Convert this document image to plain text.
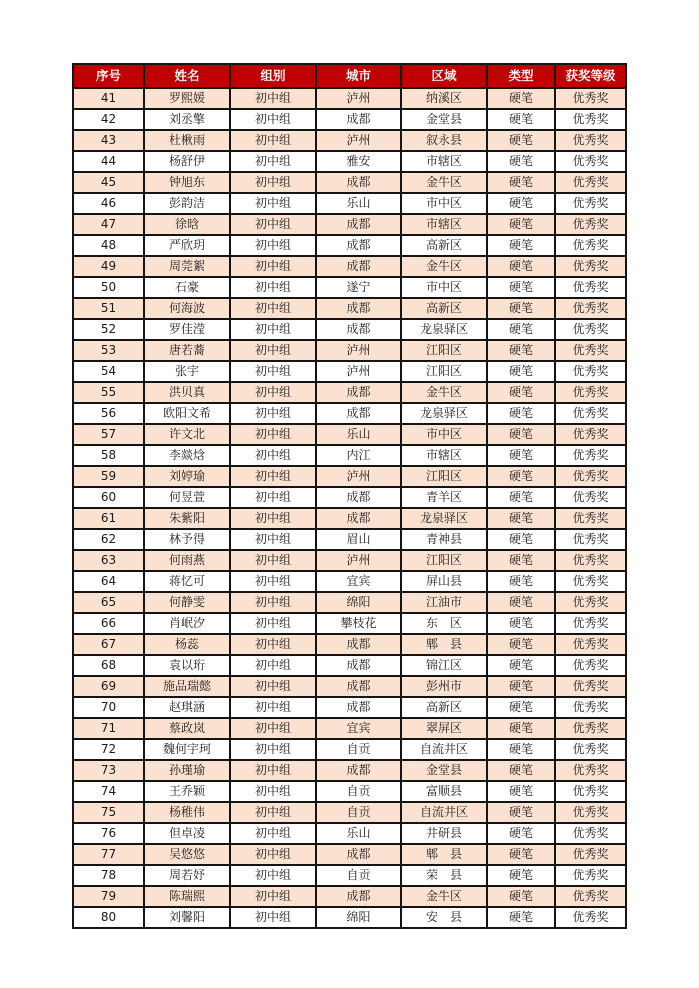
序号	姓名	组别	城市	区域	类型	获奖等级
41	罗熙媛	初中组	泸州	纳溪区	硬笔	优秀奖
42	刘丞擎	初中组	成都	金堂县	硬笔	优秀奖
43	杜楸雨	初中组	泸州	叙永县	硬笔	优秀奖
44	杨舒伊	初中组	雅安	市辖区	硬笔	优秀奖
45	钟旭东	初中组	成都	金牛区	硬笔	优秀奖
46	彭韵洁	初中组	乐山	市中区	硬笔	优秀奖
47	徐晗	初中组	成都	市辖区	硬笔	优秀奖
48	严欣玥	初中组	成都	高新区	硬笔	优秀奖
49	周莞絮	初中组	成都	金牛区	硬笔	优秀奖
50	石豪	初中组	遂宁	市中区	硬笔	优秀奖
51	何海波	初中组	成都	高新区	硬笔	优秀奖
52	罗佳滢	初中组	成都	龙泉驿区	硬笔	优秀奖
53	唐若蕎	初中组	泸州	江阳区	硬笔	优秀奖
54	张宇	初中组	泸州	江阳区	硬笔	优秀奖
55	洪贝真	初中组	成都	金牛区	硬笔	优秀奖
56	欧阳文希	初中组	成都	龙泉驿区	硬笔	优秀奖
57	许文北	初中组	乐山	市中区	硬笔	优秀奖
58	李燚焓	初中组	内江	市辖区	硬笔	优秀奖
59	刘婷瑜	初中组	泸州	江阳区	硬笔	优秀奖
60	何昱萱	初中组	成都	青羊区	硬笔	优秀奖
61	朱紫阳	初中组	成都	龙泉驿区	硬笔	优秀奖
62	林予得	初中组	眉山	青神县	硬笔	优秀奖
63	何雨燕	初中组	泸州	江阳区	硬笔	优秀奖
64	蒋忆可	初中组	宜宾	屏山县	硬笔	优秀奖
65	何静雯	初中组	绵阳	江油市	硬笔	优秀奖
66	肖岷汐	初中组	攀枝花	东　区	硬笔	优秀奖
67	杨蕊	初中组	成都	郫　县	硬笔	优秀奖
68	袁以珩	初中组	成都	锦江区	硬笔	优秀奖
69	施品瑞懿	初中组	成都	彭州市	硬笔	优秀奖
70	赵琪涵	初中组	成都	高新区	硬笔	优秀奖
71	蔡政岚	初中组	宜宾	翠屏区	硬笔	优秀奖
72	魏何宇珂	初中组	自贡	自流井区	硬笔	优秀奖
73	孙瑾瑜	初中组	成都	金堂县	硬笔	优秀奖
74	王乔颖	初中组	自贡	富顺县	硬笔	优秀奖
75	杨稚伟	初中组	自贡	自流井区	硬笔	优秀奖
76	但卓凌	初中组	乐山	井研县	硬笔	优秀奖
77	吴悠悠	初中组	成都	郫　县	硬笔	优秀奖
78	周若妤	初中组	自贡	荣　县	硬笔	优秀奖
79	陈瑞熙	初中组	成都	金牛区	硬笔	优秀奖
80	刘馨阳	初中组	绵阳	安　县	硬笔	优秀奖
